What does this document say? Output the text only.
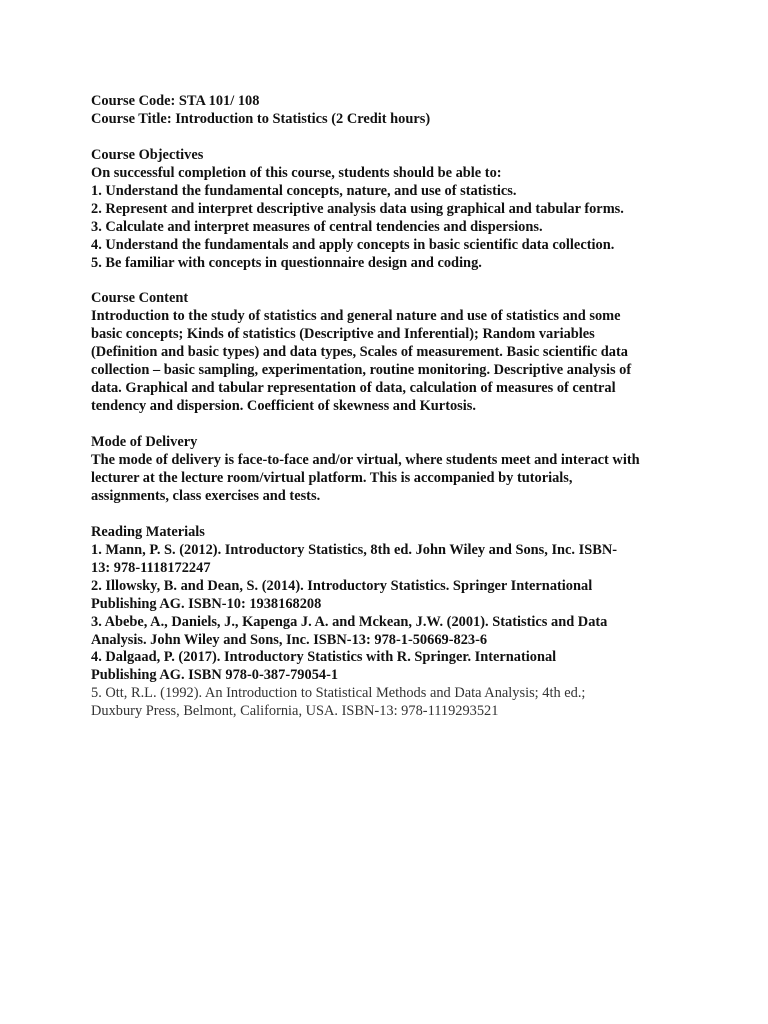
Course Code: STA 101/ 108
Course Title: Introduction to Statistics (2 Credit hours)
Course Objectives
On successful completion of this course, students should be able to:
1. Understand the fundamental concepts, nature, and use of statistics.
2. Represent and interpret descriptive analysis data using graphical and tabular forms.
3. Calculate and interpret measures of central tendencies and dispersions.
4. Understand the fundamentals and apply concepts in basic scientific data collection.
5. Be familiar with concepts in questionnaire design and coding.
Course Content
Introduction to the study of statistics and general nature and use of statistics and some
basic concepts; Kinds of statistics (Descriptive and Inferential); Random variables
(Definition and basic types) and data types, Scales of measurement. Basic scientific data
collection – basic sampling, experimentation, routine monitoring. Descriptive analysis of
data. Graphical and tabular representation of data, calculation of measures of central
tendency and dispersion. Coefficient of skewness and Kurtosis.
Mode of Delivery
The mode of delivery is face-to-face and/or virtual, where students meet and interact with
lecturer at the lecture room/virtual platform. This is accompanied by tutorials,
assignments, class exercises and tests.
Reading Materials
1. Mann, P. S. (2012). Introductory Statistics, 8th ed. John Wiley and Sons, Inc. ISBN-
13: 978-1118172247
2. Illowsky, B. and Dean, S. (2014). Introductory Statistics. Springer International
Publishing AG. ISBN-10: 1938168208
3. Abebe, A., Daniels, J., Kapenga J. A. and Mckean, J.W. (2001). Statistics and Data
Analysis. John Wiley and Sons, Inc. ISBN-13: 978-1-50669-823-6
4. Dalgaad, P. (2017). Introductory Statistics with R. Springer. International
Publishing AG. ISBN 978-0-387-79054-1
5. Ott, R.L. (1992). An Introduction to Statistical Methods and Data Analysis; 4th ed.;
Duxbury Press, Belmont, California, USA. ISBN-13: 978-1119293521
